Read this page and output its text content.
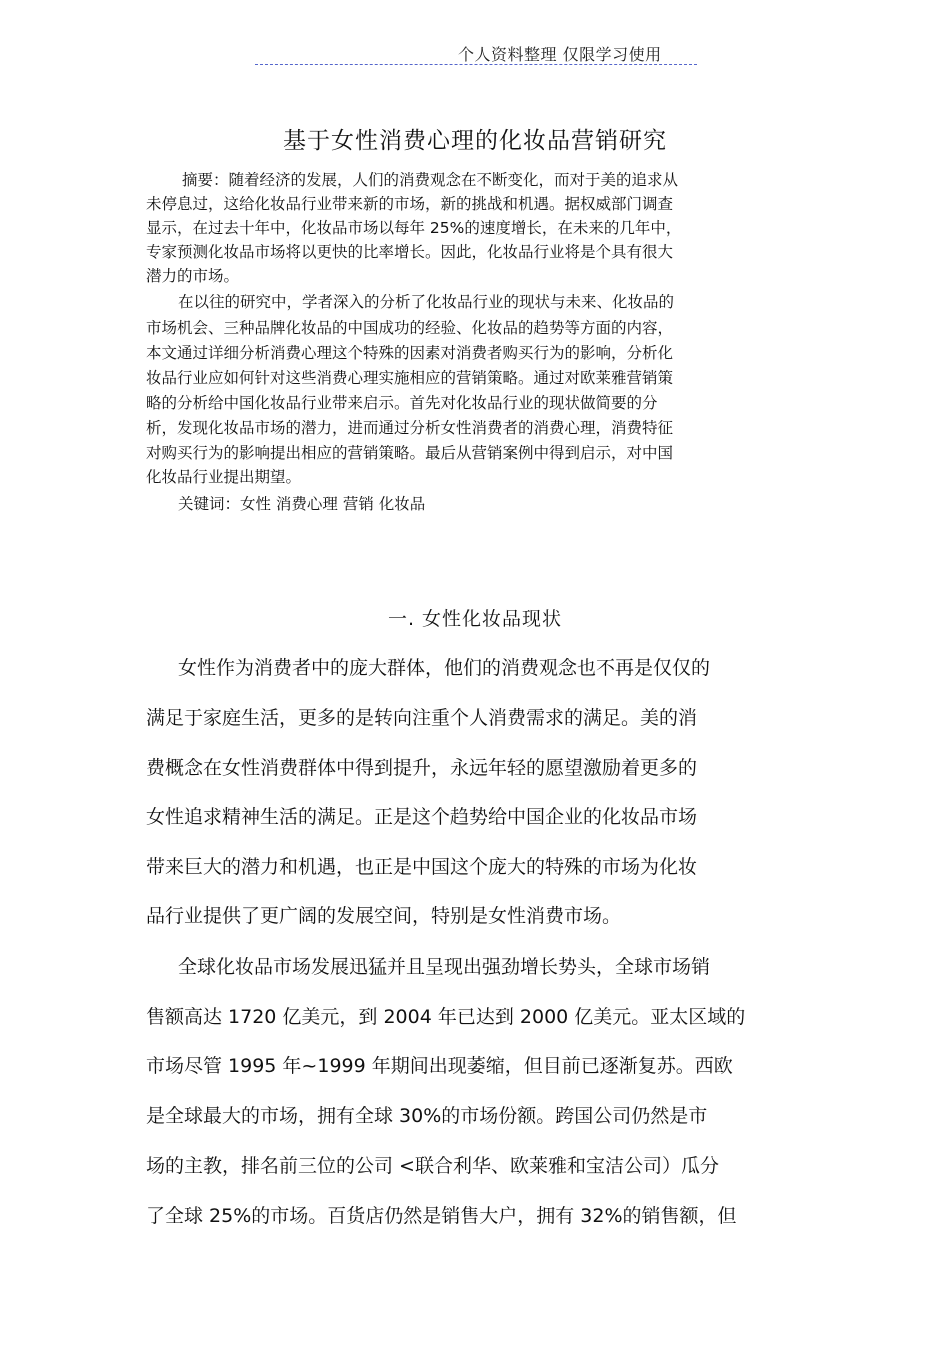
个人资料整理 仅限学习使用
基于女性消费心理的化妆品营销研究
摘要：随着经济的发展，人们的消费观念在不断变化，而对于美的追求从
未停息过，这给化妆品行业带来新的市场，新的挑战和机遇。据权威部门调查
显示，在过去十年中，化妆品市场以每年 25%的速度增长，在未来的几年中，
专家预测化妆品市场将以更快的比率增长。因此，化妆品行业将是个具有很大
潜力的市场。
在以往的研究中，学者深入的分析了化妆品行业的现状与未来、化妆品的
市场机会、三种品牌化妆品的中国成功的经验、化妆品的趋势等方面的内容，
本文通过详细分析消费心理这个特殊的因素对消费者购买行为的影响，分析化
妆品行业应如何针对这些消费心理实施相应的营销策略。通过对欧莱雅营销策
略的分析给中国化妆品行业带来启示。首先对化妆品行业的现状做简要的分
析，发现化妆品市场的潜力，进而通过分析女性消费者的消费心理，消费特征
对购买行为的影响提出相应的营销策略。最后从营销案例中得到启示，对中国
化妆品行业提出期望。
关键词：女性 消费心理 营销 化妆品
一. 女性化妆品现状
女性作为消费者中的庞大群体，他们的消费观念也不再是仅仅的
满足于家庭生活，更多的是转向注重个人消费需求的满足。美的消
费概念在女性消费群体中得到提升，永远年轻的愿望激励着更多的
女性追求精神生活的满足。正是这个趋势给中国企业的化妆品市场
带来巨大的潜力和机遇，也正是中国这个庞大的特殊的市场为化妆
品行业提供了更广阔的发展空间，特别是女性消费市场。
全球化妆品市场发展迅猛并且呈现出强劲增长势头，全球市场销
售额高达 1720 亿美元，到 2004 年已达到 2000 亿美元。亚太区域的
市场尽管 1995 年~1999 年期间出现萎缩，但目前已逐渐复苏。西欧
是全球最大的市场，拥有全球 30%的市场份额。跨国公司仍然是市
场的主教，排名前三位的公司 <联合利华、欧莱雅和宝洁公司）瓜分
了全球 25%的市场。百货店仍然是销售大户，拥有 32%的销售额，但
